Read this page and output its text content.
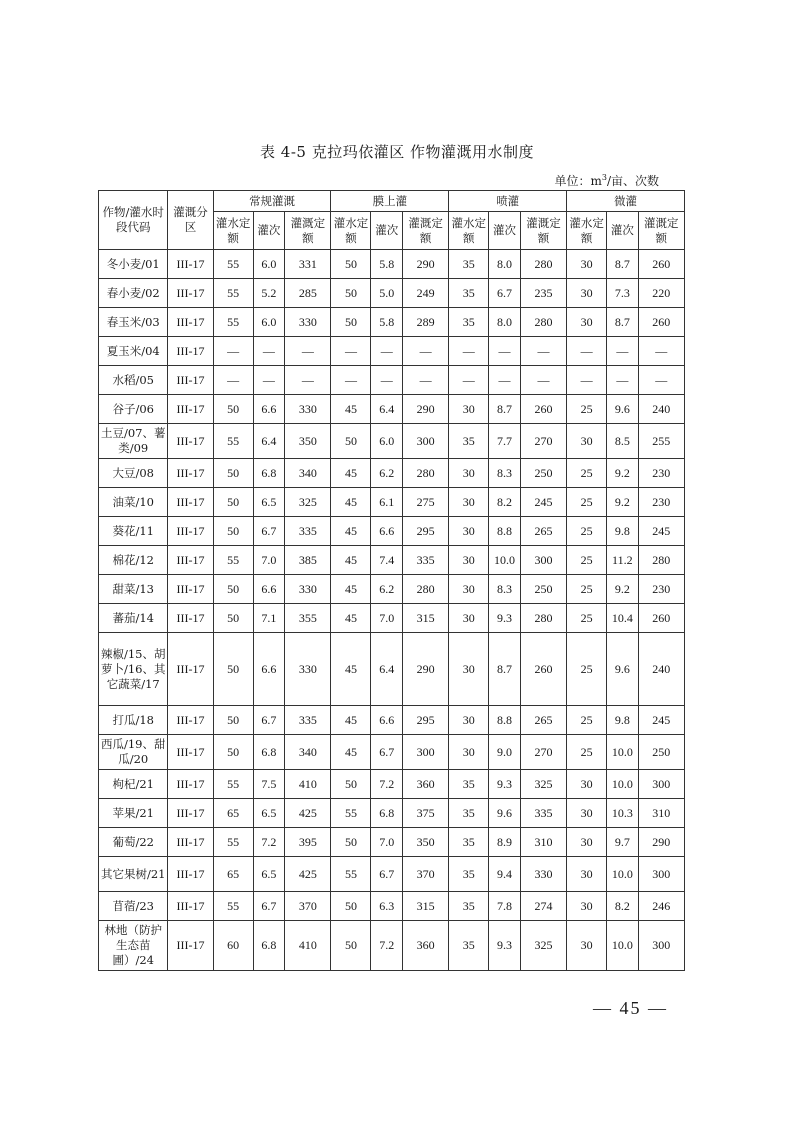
表 4-5 克拉玛依灌区 作物灌溉用水制度
单位：$m^3/$亩、次数
作物/灌水时段代码	灌溉分区	常规灌溉			膜上灌			喷灌			微灌		
		灌水定额	灌次	灌溉定额	灌水定额	灌次	灌溉定额	灌水定额	灌次	灌溉定额	灌水定额	灌次	灌溉定额
冬小麦/01	III-17	55	6.0	331	50	5.8	290	35	8.0	280	30	8.7	260
春小麦/02	III-17	55	5.2	285	50	5.0	249	35	6.7	235	30	7.3	220
春玉米/03	III-17	55	6.0	330	50	5.8	289	35	8.0	280	30	8.7	260
夏玉米/04	III-17	—	—	—	—	—	—	—	—	—	—	—	—
水稻/05	III-17	—	—	—	—	—	—	—	—	—	—	—	—
谷子/06	III-17	50	6.6	330	45	6.4	290	30	8.7	260	25	9.6	240
土豆/07、薯类/09	III-17	55	6.4	350	50	6.0	300	35	7.7	270	30	8.5	255
大豆/08	III-17	50	6.8	340	45	6.2	280	30	8.3	250	25	9.2	230
油菜/10	III-17	50	6.5	325	45	6.1	275	30	8.2	245	25	9.2	230
葵花/11	III-17	50	6.7	335	45	6.6	295	30	8.8	265	25	9.8	245
棉花/12	III-17	55	7.0	385	45	7.4	335	30	10.0	300	25	11.2	280
甜菜/13	III-17	50	6.6	330	45	6.2	280	30	8.3	250	25	9.2	230
蕃茄/14	III-17	50	7.1	355	45	7.0	315	30	9.3	280	25	10.4	260
辣椒/15、胡萝卜/16、其它蔬菜/17	III-17	50	6.6	330	45	6.4	290	30	8.7	260	25	9.6	240
打瓜/18	III-17	50	6.7	335	45	6.6	295	30	8.8	265	25	9.8	245
西瓜/19、甜瓜/20	III-17	50	6.8	340	45	6.7	300	30	9.0	270	25	10.0	250
枸杞/21	III-17	55	7.5	410	50	7.2	360	35	9.3	325	30	10.0	300
苹果/21	III-17	65	6.5	425	55	6.8	375	35	9.6	335	30	10.3	310
葡萄/22	III-17	55	7.2	395	50	7.0	350	35	8.9	310	30	9.7	290
其它果树/21	III-17	65	6.5	425	55	6.7	370	35	9.4	330	30	10.0	300
苜蓿/23	III-17	55	6.7	370	50	6.3	315	35	7.8	274	30	8.2	246
林地（防护生态苗圃）/24	III-17	60	6.8	410	50	7.2	360	35	9.3	325	30	10.0	300
— 45 —
